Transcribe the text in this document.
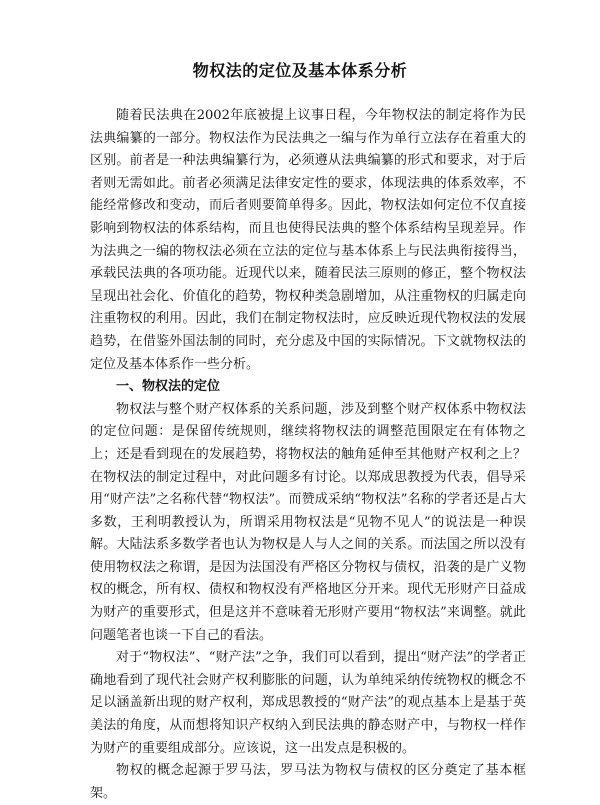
物权法的定位及基本体系分析

随着民法典在2002年底被提上议事日程，今年物权法的制定将作为民法典编纂的一部分。物权法作为民法典之一编与作为单行立法存在着重大的区别。前者是一种法典编纂行为，必须遵从法典编纂的形式和要求，对于后者则无需如此。前者必须满足法律安定性的要求，体现法典的体系效率，不能经常修改和变动，而后者则要简单得多。因此，物权法如何定位不仅直接影响到物权法的体系结构，而且也使得民法典的整个体系结构呈现差异。作为法典之一编的物权法必须在立法的定位与基本体系上与民法典衔接得当，承载民法典的各项功能。近现代以来，随着民法三原则的修正，整个物权法呈现出社会化、价值化的趋势，物权种类急剧增加，从注重物权的归属走向注重物权的利用。因此，我们在制定物权法时，应反映近现代物权法的发展趋势，在借鉴外国法制的同时，充分虑及中国的实际情况。下文就物权法的定位及基本体系作一些分析。

一、物权法的定位

物权法与整个财产权体系的关系问题，涉及到整个财产权体系中物权法的定位问题：是保留传统规则，继续将物权法的调整范围限定在有体物之上；还是看到现在的发展趋势，将物权法的触角延伸至其他财产权利之上？在物权法的制定过程中，对此问题多有讨论。以郑成思教授为代表，倡导采用“财产法”之名称代替“物权法”。而赞成采纳“物权法”名称的学者还是占大多数，王利明教授认为，所谓采用物权法是“见物不见人”的说法是一种误解。大陆法系多数学者也认为物权是人与人之间的关系。而法国之所以没有使用物权法之称谓，是因为法国没有严格区分物权与债权，沿袭的是广义物权的概念，所有权、债权和物权没有严格地区分开来。现代无形财产日益成为财产的重要形式，但是这并不意味着无形财产要用“物权法”来调整。就此问题笔者也谈一下自己的看法。

对于“物权法”、“财产法”之争，我们可以看到，提出“财产法”的学者正确地看到了现代社会财产权利膨胀的问题，认为单纯采纳传统物权的概念不足以涵盖新出现的财产权利，郑成思教授的“财产法”的观点基本上是基于英美法的角度，从而想将知识产权纳入到民法典的静态财产中，与物权一样作为财产的重要组成部分。应该说，这一出发点是积极的。

物权的概念起源于罗马法，罗马法为物权与债权的区分奠定了基本框架。
